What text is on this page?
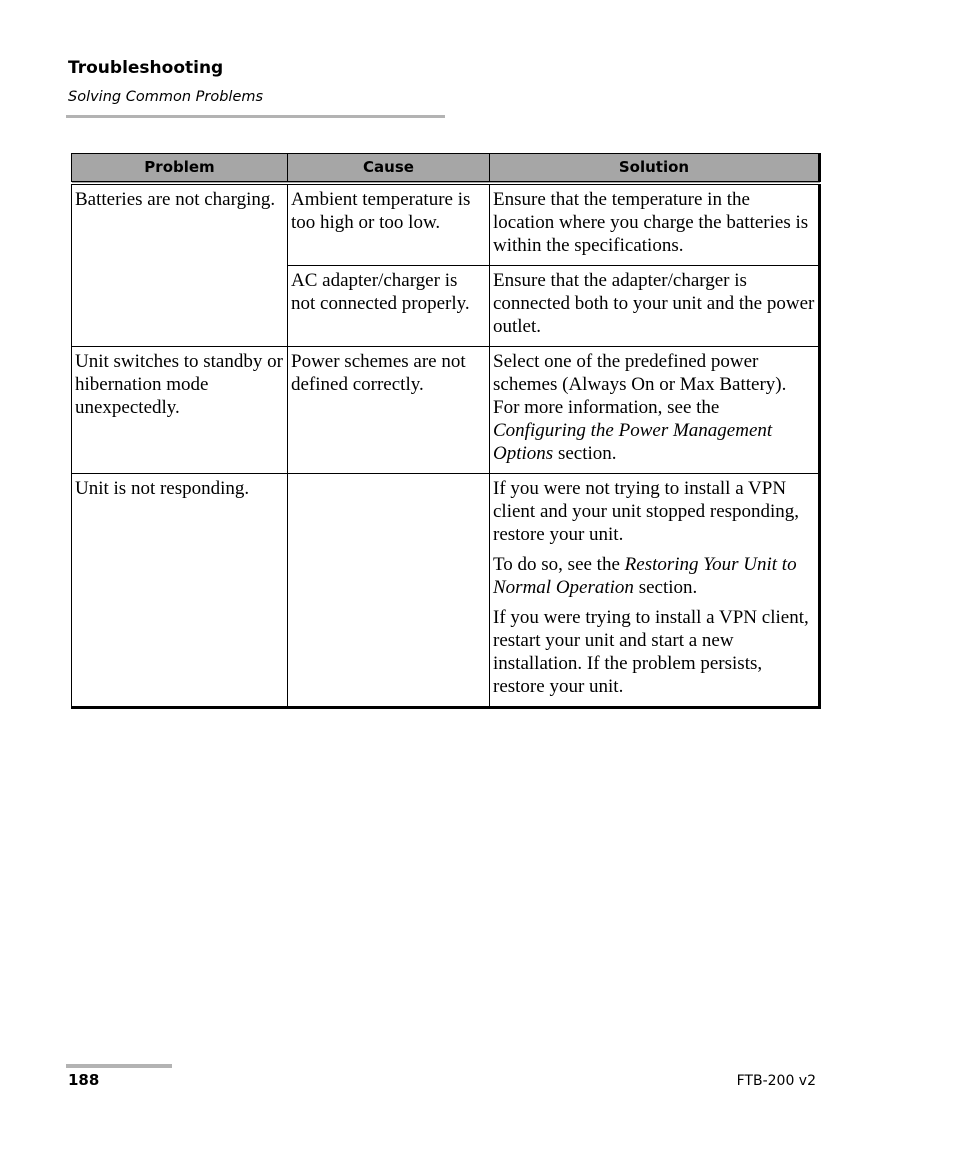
Troubleshooting
Solving Common Problems
Problem	Cause	Solution
Batteries are not charging.	Ambient temperature is too high or too low.	Ensure that the temperature in the location where you charge the batteries is within the specifications.
	AC adapter/charger is not connected properly.	Ensure that the adapter/charger is connected both to your unit and the power outlet.
Unit switches to standby or hibernation mode unexpectedly.	Power schemes are not defined correctly.	Select one of the predefined power schemes (Always On or Max Battery). For more information, see the Configuring the Power Management Options section.
Unit is not responding.		If you were not trying to install a VPN client and your unit stopped responding, restore your unit.

To do so, see the Restoring Your Unit to Normal Operation section.

If you were trying to install a VPN client, restart your unit and start a new installation. If the problem persists, restore your unit.

188	FTB-200 v2
